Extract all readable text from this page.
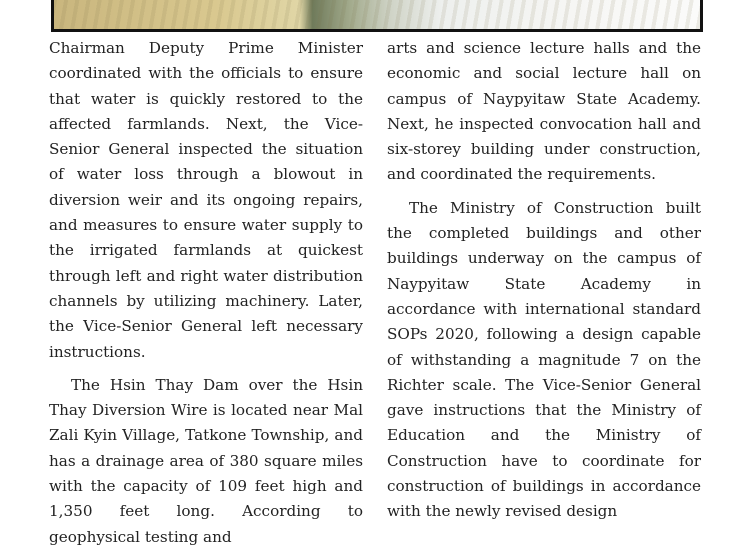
Chairman Deputy Prime Minister coordinated with the officials to ensure that water is quickly restored to the affected farmlands. Next, the Vice-Senior General inspected the situation of water loss through a blowout in diversion weir and its ongoing repairs, and measures to ensure water supply to the irrigated farmlands at quickest through left and right water distribution channels by utilizing machinery. Later, the Vice-Senior General left necessary instructions.

The Hsin Thay Dam over the Hsin Thay Diversion Wire is located near Mal Zali Kyin Village, Tatkone Township, and has a drainage area of 380 square miles with the capacity of 109 feet high and 1,350 feet long. According to geophysical testing and

arts and science lecture halls and the economic and social lecture hall on campus of Naypyitaw State Academy. Next, he inspected convocation hall and six-storey building under construction, and coordinated the requirements.

The Ministry of Construction built the completed buildings and other buildings underway on the campus of Naypyitaw State Academy in accordance with international standard SOPs 2020, following a design capable of withstanding a magnitude 7 on the Richter scale. The Vice-Senior General gave instructions that the Ministry of Education and the Ministry of Construction have to coordinate for construction of buildings in accordance with the newly revised design
